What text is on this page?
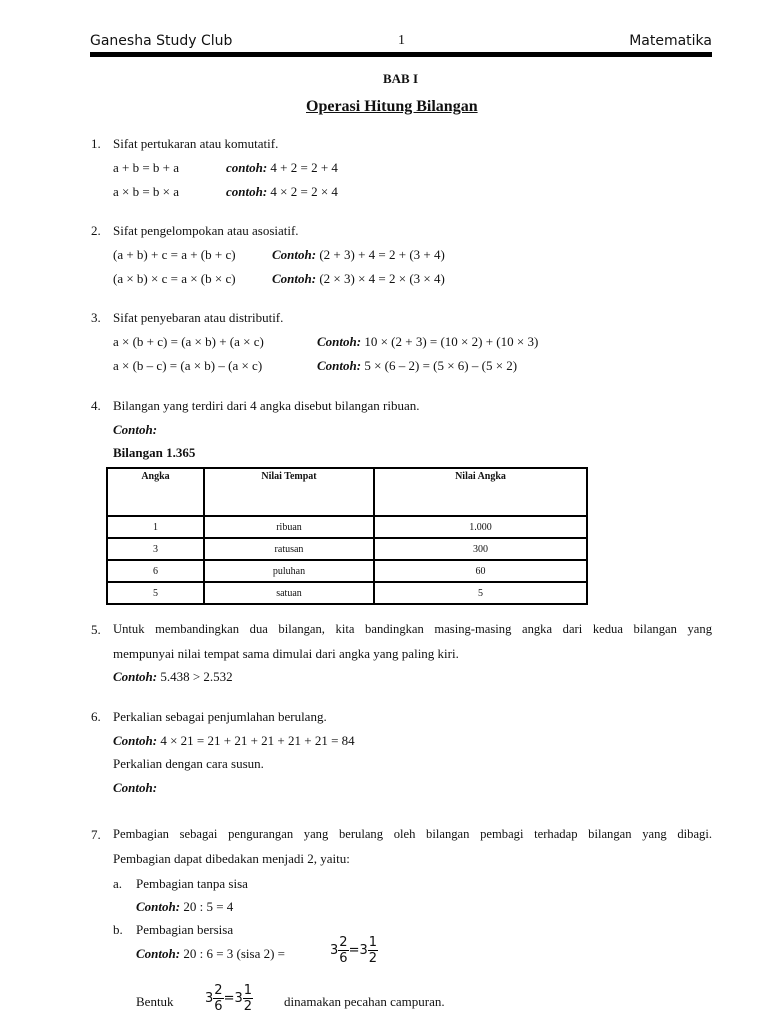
Ganesha Study Club	1	Matematika
BAB I
Operasi Hitung Bilangan
1. Sifat pertukaran atau komutatif.
a + b = b + a	contoh: 4 + 2 = 2 + 4
a × b = b × a	contoh: 4 × 2 = 2 × 4
2. Sifat pengelompokan atau asosiatif.
(a + b) + c = a + (b + c)	Contoh: (2 + 3) + 4 = 2 + (3 + 4)
(a × b) × c = a × (b × c)	Contoh: (2 × 3) × 4 = 2 × (3 × 4)
3. Sifat penyebaran atau distributif.
a × (b + c) = (a × b) + (a × c)	Contoh: 10 × (2 + 3) = (10 × 2) + (10 × 3)
a × (b – c) = (a × b) – (a × c)	Contoh: 5 × (6 – 2) = (5 × 6) – (5 × 2)
4. Bilangan yang terdiri dari 4 angka disebut bilangan ribuan.
Contoh:
Bilangan 1.365
Angka	Nilai Tempat	Nilai Angka
1	ribuan	1.000
3	ratusan	300
6	puluhan	60
5	satuan	5
5. Untuk membandingkan dua bilangan, kita bandingkan masing-masing angka dari kedua bilangan yang
mempunyai nilai tempat sama dimulai dari angka yang paling kiri.
Contoh: 5.438 > 2.532
6. Perkalian sebagai penjumlahan berulang.
Contoh: 4 × 21 = 21 + 21 + 21 + 21 + 21 = 84
Perkalian dengan cara susun.
Contoh:
7. Pembagian sebagai pengurangan yang berulang oleh bilangan pembagi terhadap bilangan yang dibagi.
Pembagian dapat dibedakan menjadi 2, yaitu:
a. Pembagian tanpa sisa
Contoh: 20 : 5 = 4
b. Pembagian bersisa
Contoh: 20 : 6 = 3 (sisa 2) =	$3 \frac{2}{6} =3 \frac{1}{2}$
Bentuk $3 \frac{2}{6} =3 \frac{1}{2}$ dinamakan pecahan campuran.
